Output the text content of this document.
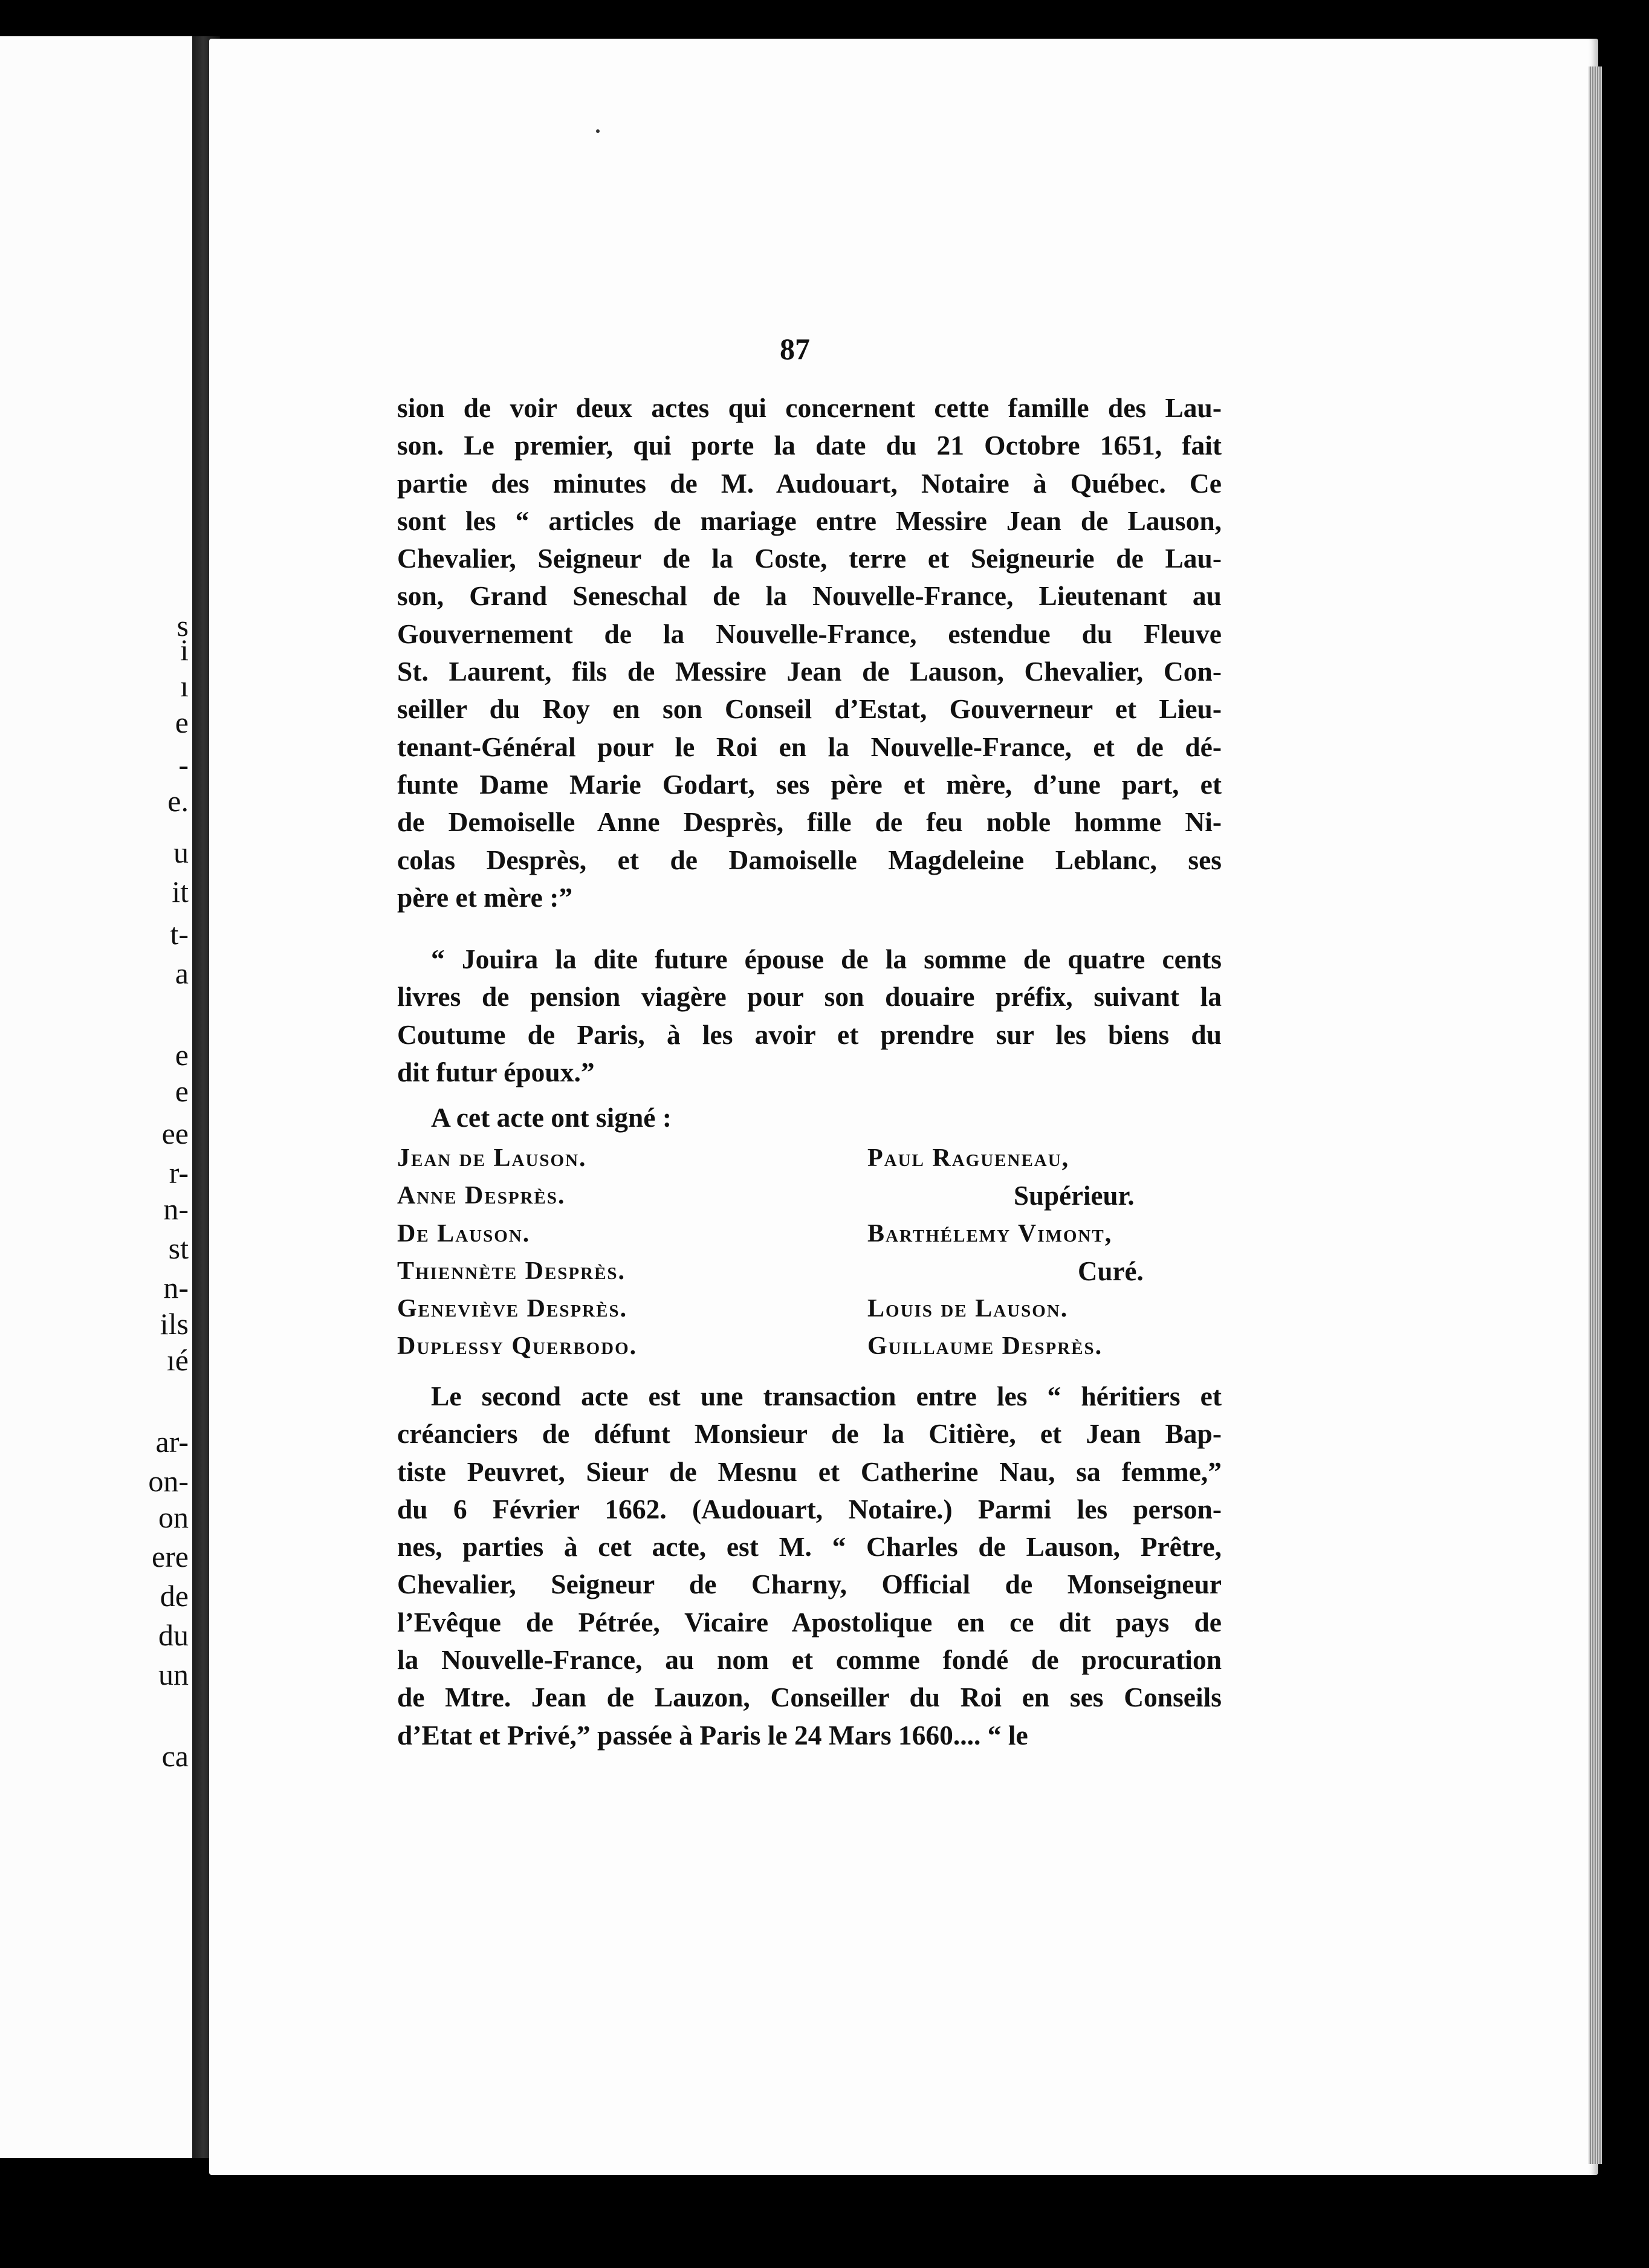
s
i
ı
e
-
e.
u
it
t-
a
e
e
ee
r-
n-
st
n-
ils
ıé
ar-
on-
on
ere
de
du
un
ca
87
sion de voir deux actes qui concernent cette famille des Lau-
son. Le premier, qui porte la date du 21 Octobre 1651, fait
partie des minutes de M. Audouart, Notaire à Québec. Ce
sont les “ articles de mariage entre Messire Jean de Lauson,
Chevalier, Seigneur de la Coste, terre et Seigneurie de Lau-
son, Grand Seneschal de la Nouvelle-France, Lieutenant au
Gouvernement de la Nouvelle-France, estendue du Fleuve
St. Laurent, fils de Messire Jean de Lauson, Chevalier, Con-
seiller du Roy en son Conseil d’Estat, Gouverneur et Lieu-
tenant-Général pour le Roi en la Nouvelle-France, et de dé-
funte Dame Marie Godart, ses père et mère, d’une part, et
de Demoiselle Anne Desprès, fille de feu noble homme Ni-
colas Desprès, et de Damoiselle Magdeleine Leblanc, ses
père et mère :”
“ Jouira la dite future épouse de la somme de quatre cents
livres de pension viagère pour son douaire préfix, suivant la
Coutume de Paris, à les avoir et prendre sur les biens du
dit futur époux.”
A cet acte ont signé :
Jean de Lauson.	Paul Ragueneau,
Anne Desprès.	Supérieur.
De Lauson.	Barthélemy Vimont,
Thiennète Desprès.	Curé.
Geneviève Desprès.	Louis de Lauson.
Duplessy Querbodo.	Guillaume Desprès.
Le second acte est une transaction entre les “ héritiers et
créanciers de défunt Monsieur de la Citière, et Jean Bap-
tiste Peuvret, Sieur de Mesnu et Catherine Nau, sa femme,”
du 6 Février 1662. (Audouart, Notaire.) Parmi les person-
nes, parties à cet acte, est M. “ Charles de Lauson, Prêtre,
Chevalier, Seigneur de Charny, Official de Monseigneur
l’Evêque de Pétrée, Vicaire Apostolique en ce dit pays de
la Nouvelle-France, au nom et comme fondé de procuration
de Mtre. Jean de Lauzon, Conseiller du Roi en ses Conseils
d’Etat et Privé,” passée à Paris le 24 Mars 1660.... “ le
